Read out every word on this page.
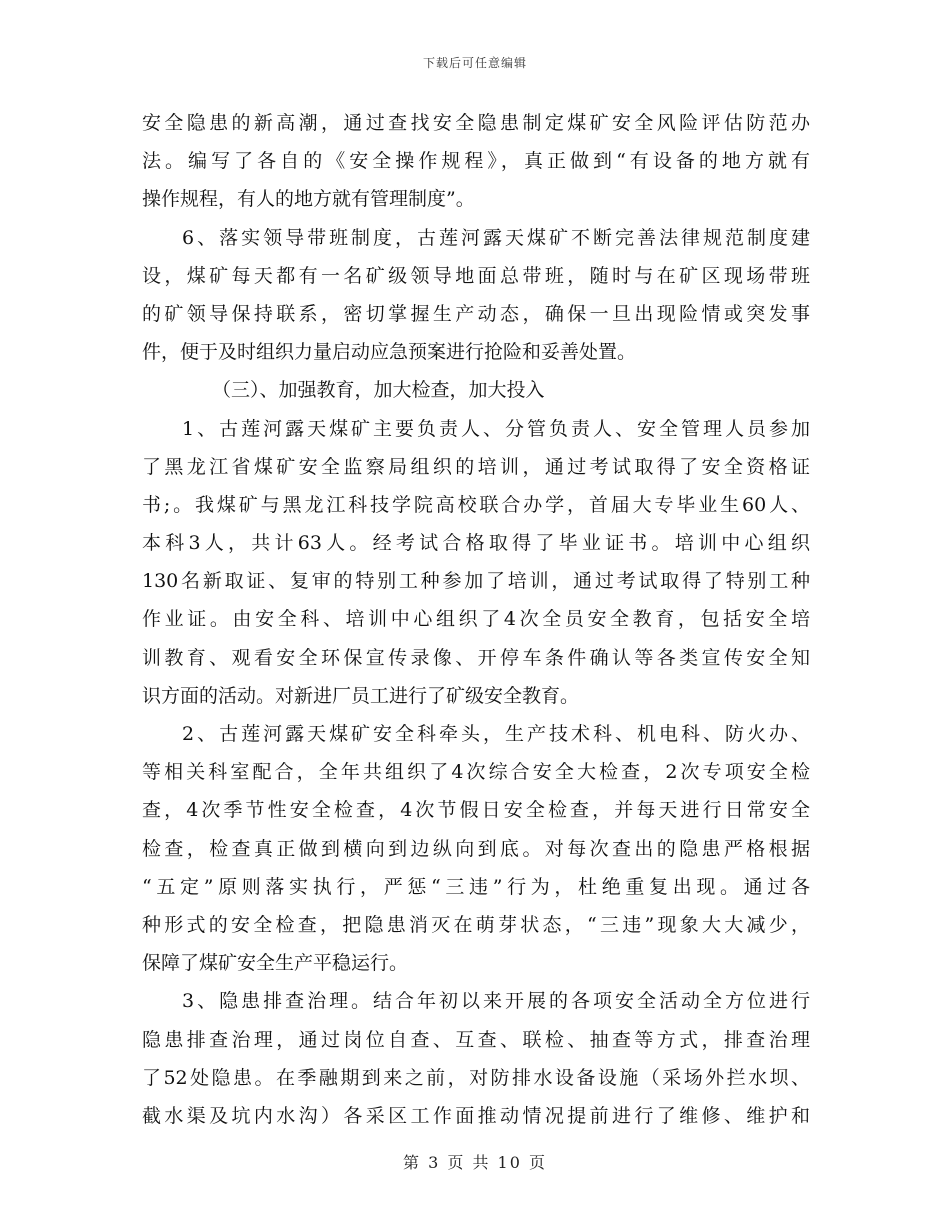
下载后可任意编辑
安全隐患的新高潮，通过查找安全隐患制定煤矿安全风险评估防范办
法。编写了各自的《安全操作规程》，真正做到“有设备的地方就有
操作规程，有人的地方就有管理制度”。
6、落实领导带班制度，古莲河露天煤矿不断完善法律规范制度建
设，煤矿每天都有一名矿级领导地面总带班，随时与在矿区现场带班
的矿领导保持联系，密切掌握生产动态，确保一旦出现险情或突发事
件，便于及时组织力量启动应急预案进行抢险和妥善处置。
（三）、加强教育，加大检查，加大投入
1、古莲河露天煤矿主要负责人、分管负责人、安全管理人员参加
了黑龙江省煤矿安全监察局组织的培训，通过考试取得了安全资格证
书;。我煤矿与黑龙江科技学院高校联合办学，首届大专毕业生60人、
本科3人，共计63人。经考试合格取得了毕业证书。培训中心组织
130名新取证、复审的特别工种参加了培训，通过考试取得了特别工种
作业证。由安全科、培训中心组织了4次全员安全教育，包括安全培
训教育、观看安全环保宣传录像、开停车条件确认等各类宣传安全知
识方面的活动。对新进厂员工进行了矿级安全教育。
2、古莲河露天煤矿安全科牵头，生产技术科、机电科、防火办、
等相关科室配合，全年共组织了4次综合安全大检查，2次专项安全检
查，4次季节性安全检查，4次节假日安全检查，并每天进行日常安全
检查，检查真正做到横向到边纵向到底。对每次查出的隐患严格根据
“五定”原则落实执行，严惩“三违”行为，杜绝重复出现。通过各
种形式的安全检查，把隐患消灭在萌芽状态，“三违”现象大大减少，
保障了煤矿安全生产平稳运行。
3、隐患排查治理。结合年初以来开展的各项安全活动全方位进行
隐患排查治理，通过岗位自查、互查、联检、抽查等方式，排查治理
了52处隐患。在季融期到来之前，对防排水设备设施（采场外拦水坝、
截水渠及坑内水沟）各采区工作面推动情况提前进行了维修、维护和
第 3 页 共 10 页
